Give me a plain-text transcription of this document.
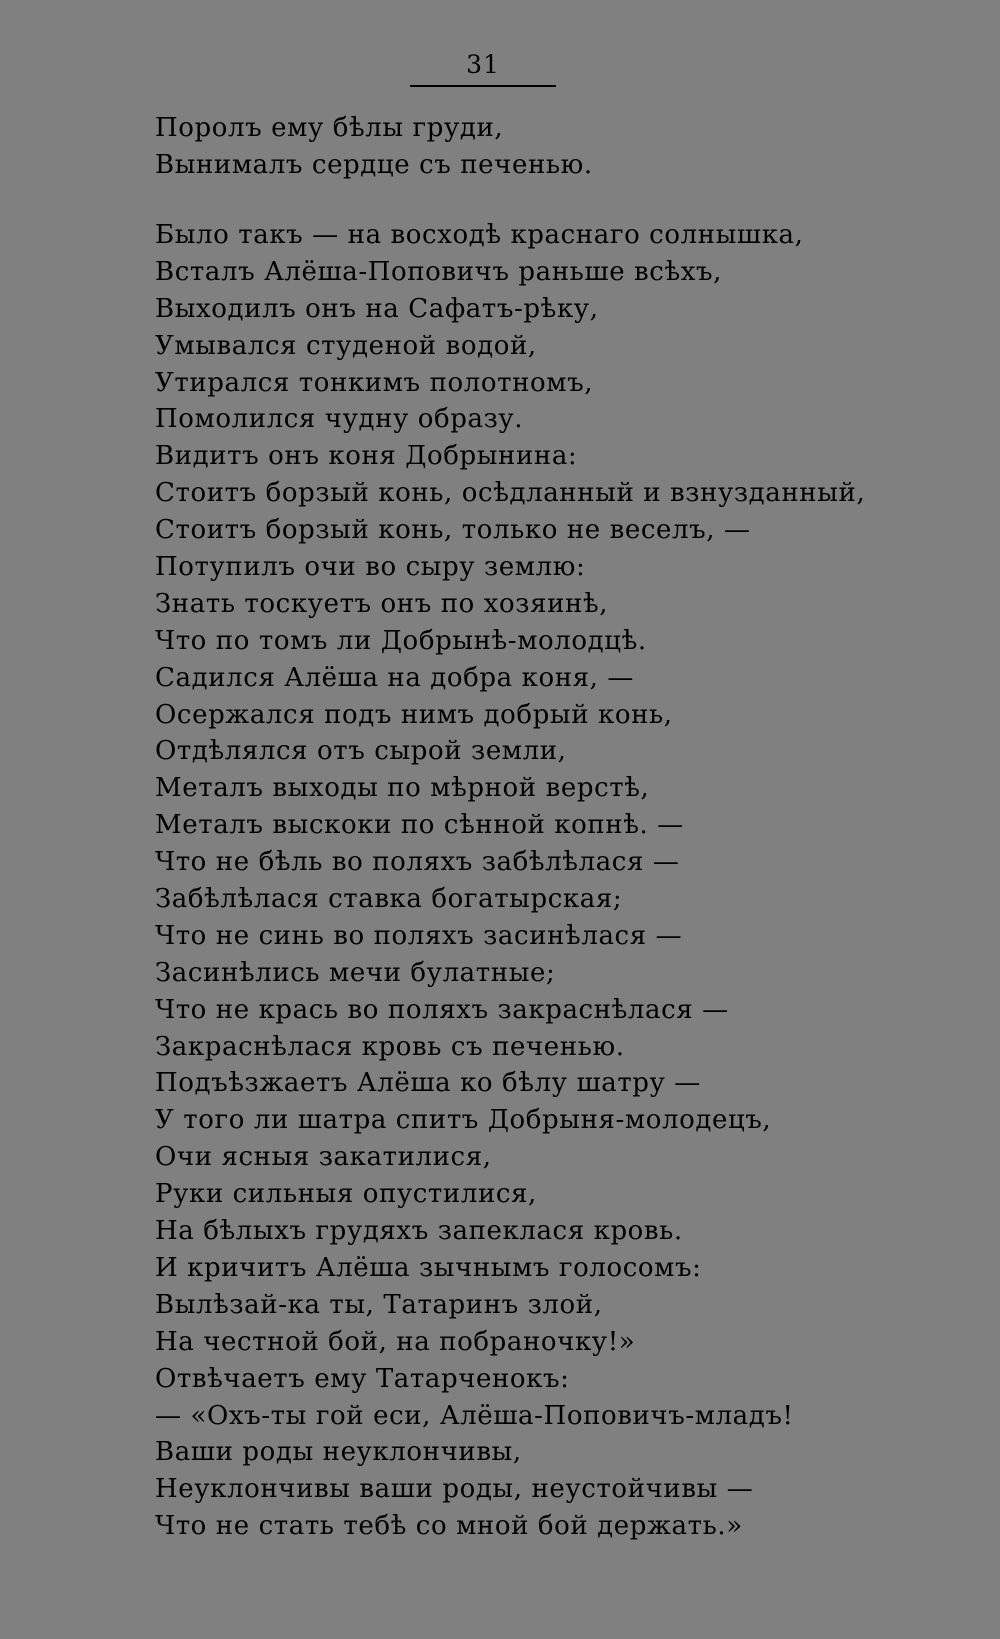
31
Поролъ ему бѣлы груди,
Вынималъ сердце съ печенью.
Было такъ — на восходѣ краснаго солнышка,
Всталъ Алёша-Поповичъ раньше всѣхъ,
Выходилъ онъ на Сафатъ-рѣку,
Умывался студеной водой,
Утирался тонкимъ полотномъ,
Помолился чудну образу.
Видитъ онъ коня Добрынина:
Стоитъ борзый конь, осѣдланный и взнузданный,
Стоитъ борзый конь, только не веселъ, —
Потупилъ очи во сыру землю:
Знать тоскуетъ онъ по хозяинѣ,
Что по томъ ли Добрынѣ-молодцѣ.
Садился Алёша на добра коня, —
Осержался подъ нимъ добрый конь,
Отдѣлялся отъ сырой земли,
Металъ выходы по мѣрной верстѣ,
Металъ выскоки по сѣнной копнѣ. —
Что не бѣль во поляхъ забѣлѣлася —
Забѣлѣлася ставка богатырская;
Что не синь во поляхъ засинѣлася —
Засинѣлись мечи булатные;
Что не крась во поляхъ закраснѣлася —
Закраснѣлася кровь съ печенью.
Подъѣзжаетъ Алёша ко бѣлу шатру —
У того ли шатра спитъ Добрыня-молодецъ,
Очи ясныя закатилися,
Руки сильныя опустилися,
На бѣлыхъ грудяхъ запеклася кровь.
И кричитъ Алёша зычнымъ голосомъ:
Вылѣзай-ка ты, Татаринъ злой,
На честной бой, на побраночку!»
Отвѣчаетъ ему Татарченокъ:
— «Охъ-ты гой еси, Алёша-Поповичъ-младъ!
Ваши роды неуклончивы,
Неуклончивы ваши роды, неустойчивы —
Что не стать тебѣ со мной бой держать.»
